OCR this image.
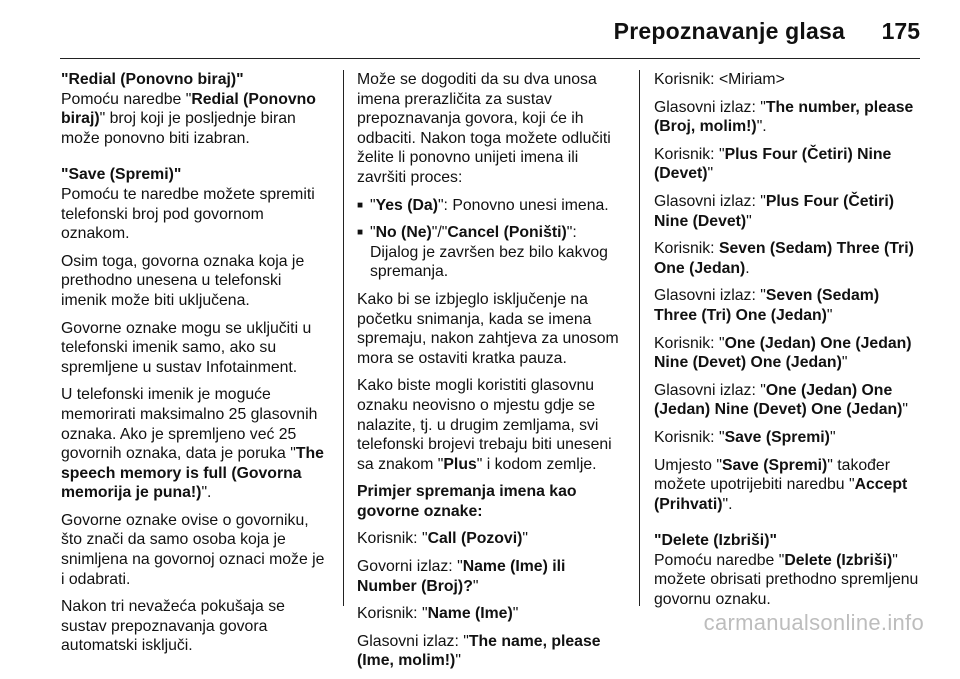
Prepoznavanje glasa 175

"Redial (Ponovno biraj)"
Pomoću naredbe "Redial (Ponovno biraj)" broj koji je posljednje biran može ponovno biti izabran.

"Save (Spremi)"
Pomoću te naredbe možete spremiti telefonski broj pod govornom oznakom.

Osim toga, govorna oznaka koja je prethodno unesena u telefonski imenik može biti uključena.

Govorne oznake mogu se uključiti u telefonski imenik samo, ako su spremljene u sustav Infotainment.

U telefonski imenik je moguće memorirati maksimalno 25 glasovnih oznaka. Ako je spremljeno već 25 govornih oznaka, data je poruka "The speech memory is full (Govorna memorija je puna!)".

Govorne oznake ovise o govorniku, što znači da samo osoba koja je snimljena na govornoj oznaci može je i odabrati.

Nakon tri nevažeća pokušaja se sustav prepoznavanja govora automatski isključi.

Može se dogoditi da su dva unosa imena prerazličita za sustav prepoznavanja govora, koji će ih odbaciti. Nakon toga možete odlučiti želite li ponovno unijeti imena ili završiti proces:

■ "Yes (Da)": Ponovno unesi imena.
■ "No (Ne)"/"Cancel (Poništi)": Dijalog je završen bez bilo kakvog spremanja.

Kako bi se izbjeglo isključenje na početku snimanja, kada se imena spremaju, nakon zahtjeva za unosom mora se ostaviti kratka pauza.

Kako biste mogli koristiti glasovnu oznaku neovisno o mjestu gdje se nalazite, tj. u drugim zemljama, svi telefonski brojevi trebaju biti uneseni sa znakom "Plus" i kodom zemlje.

Primjer spremanja imena kao govorne oznake:

Korisnik: "Call (Pozovi)"

Govorni izlaz: "Name (Ime) ili Number (Broj)?"

Korisnik: "Name (Ime)"

Glasovni izlaz: "The name, please (Ime, molim!)"

Korisnik: <Miriam>

Glasovni izlaz: "The number, please (Broj, molim!)".

Korisnik: "Plus Four (Četiri) Nine (Devet)"

Glasovni izlaz: "Plus Four (Četiri) Nine (Devet)"

Korisnik: Seven (Sedam) Three (Tri) One (Jedan).

Glasovni izlaz: "Seven (Sedam) Three (Tri) One (Jedan)"

Korisnik: "One (Jedan) One (Jedan) Nine (Devet) One (Jedan)"

Glasovni izlaz: "One (Jedan) One (Jedan) Nine (Devet) One (Jedan)"

Korisnik: "Save (Spremi)"

Umjesto "Save (Spremi)" također možete upotrijebiti naredbu "Accept (Prihvati)".

"Delete (Izbriši)"
Pomoću naredbe "Delete (Izbriši)" možete obrisati prethodno spremljenu govornu oznaku.

carmanualsonline.info
